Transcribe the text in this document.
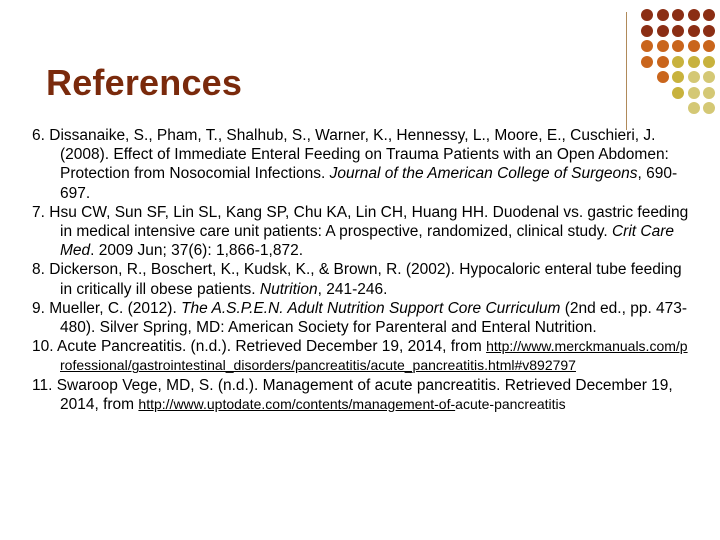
References

6. Dissanaike, S., Pham, T., Shalhub, S., Warner, K., Hennessy, L., Moore, E., Cuschieri, J. (2008). Effect of Immediate Enteral Feeding on Trauma Patients with an Open Abdomen: Protection from Nosocomial Infections. Journal of the American College of Surgeons, 690-697.

7. Hsu CW, Sun SF, Lin SL, Kang SP, Chu KA, Lin CH, Huang HH. Duodenal vs. gastric feeding in medical intensive care unit patients: A prospective, randomized, clinical study. Crit Care Med. 2009 Jun; 37(6): 1,866-1,872.

8. Dickerson, R., Boschert, K., Kudsk, K., & Brown, R. (2002). Hypocaloric enteral tube feeding in critically ill obese patients. Nutrition, 241-246.

9. Mueller, C. (2012). The A.S.P.E.N. Adult Nutrition Support Core Curriculum (2nd ed., pp. 473-480). Silver Spring, MD: American Society for Parenteral and Enteral Nutrition.

10. Acute Pancreatitis. (n.d.). Retrieved December 19, 2014, from http://www.merckmanuals.com/professional/gastrointestinal_disorders/pancreatitis/acute_pancreatitis.html#v892797

11. Swaroop Vege, MD, S. (n.d.). Management of acute pancreatitis. Retrieved December 19, 2014, from http://www.uptodate.com/contents/management-of-acute-pancreatitis
